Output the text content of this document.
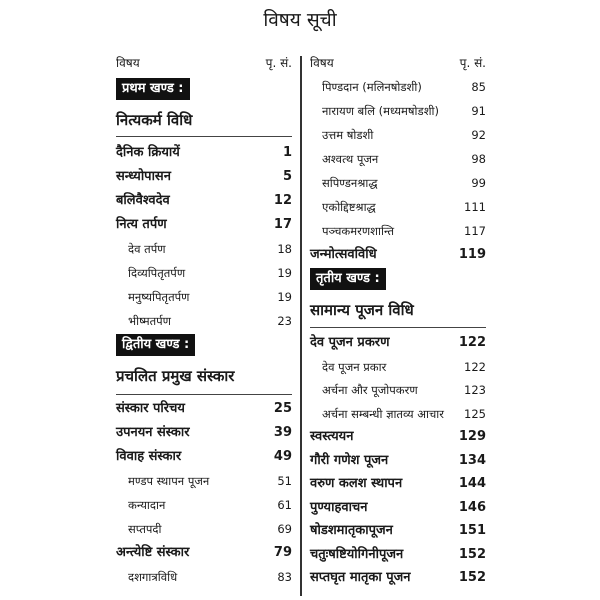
विषय सूची
विषय	पृ. सं.
प्रथम खण्ड :
नित्यकर्म विधि
दैनिक क्रियायें	1
सन्ध्योपासन	5
बलिवैश्वदेव	12
नित्य तर्पण	17
देव तर्पण	18
दिव्यपितृतर्पण	19
मनुष्यपितृतर्पण	19
भीष्मतर्पण	23
द्वितीय खण्ड :
प्रचलित प्रमुख संस्कार
संस्कार परिचय	25
उपनयन संस्कार	39
विवाह संस्कार	49
मण्डप स्थापन पूजन	51
कन्यादान	61
सप्तपदी	69
अन्त्येष्टि संस्कार	79
दशगात्रविधि	83
विषय	पृ. सं.
पिण्डदान (मलिनषोडशी)	85
नारायण बलि (मध्यमषोडशी)	91
उत्तम षोडशी	92
अश्वत्थ पूजन	98
सपिण्डनश्राद्ध	99
एकोद्दिष्टश्राद्ध	111
पञ्चकमरणशान्ति	117
जन्मोत्सवविधि	119
तृतीय खण्ड :
सामान्य पूजन विधि
देव पूजन प्रकरण	122
देव पूजन प्रकार	122
अर्चना और पूजोपकरण	123
अर्चना सम्बन्धी ज्ञातव्य आचार 125
स्वस्त्ययन	129
गौरी गणेश पूजन	134
वरुण कलश स्थापन	144
पुण्याहवाचन	146
षोडशमातृकापूजन	151
चतुःषष्टियोगिनीपूजन	152
सप्तघृत मातृका पूजन	152
